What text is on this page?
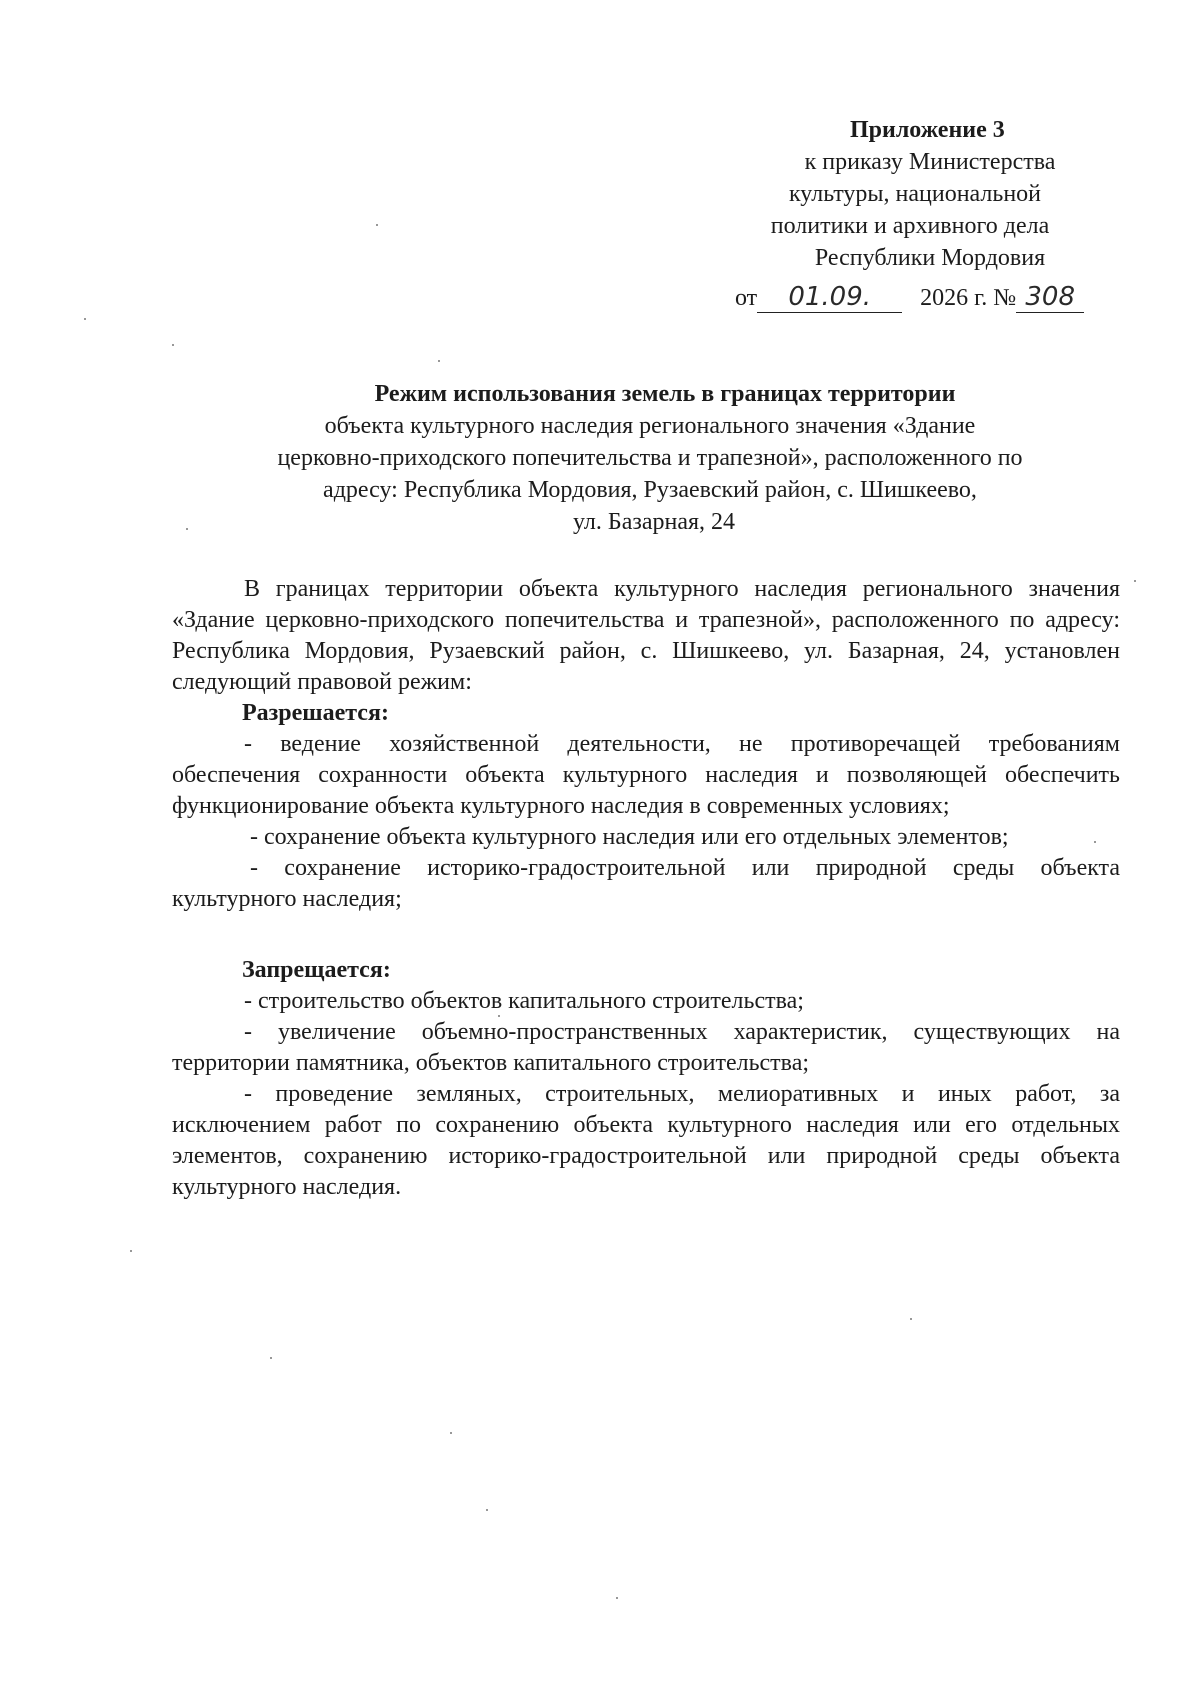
Приложение 3
к приказу Министерства
культуры, национальной
политики и архивного дела
Республики Мордовия
от 01.09. 2026 г. № 308
Режим использования земель в границах территории
объекта культурного наследия регионального значения «Здание
церковно-приходского попечительства и трапезной», расположенного по
адресу: Республика Мордовия, Рузаевский район, с. Шишкеево,
ул. Базарная, 24

В границах территории объекта культурного наследия регионального значения «Здание церковно-приходского попечительства и трапезной», расположенного по адресу: Республика Мордовия, Рузаевский район, с. Шишкеево, ул. Базарная, 24, установлен следующий правовой режим:

Разрешается:

- ведение хозяйственной деятельности, не противоречащей требованиям обеспечения сохранности объекта культурного наследия и позволяющей обеспечить функционирование объекта культурного наследия в современных условиях;

- сохранение объекта культурного наследия или его отдельных элементов;

- сохранение историко-градостроительной или природной среды объекта культурного наследия;

Запрещается:

- строительство объектов капитального строительства;

- увеличение объемно-пространственных характеристик, существующих на территории памятника, объектов капитального строительства;

- проведение земляных, строительных, мелиоративных и иных работ, за исключением работ по сохранению объекта культурного наследия или его отдельных элементов, сохранению историко-градостроительной или природной среды объекта культурного наследия.
